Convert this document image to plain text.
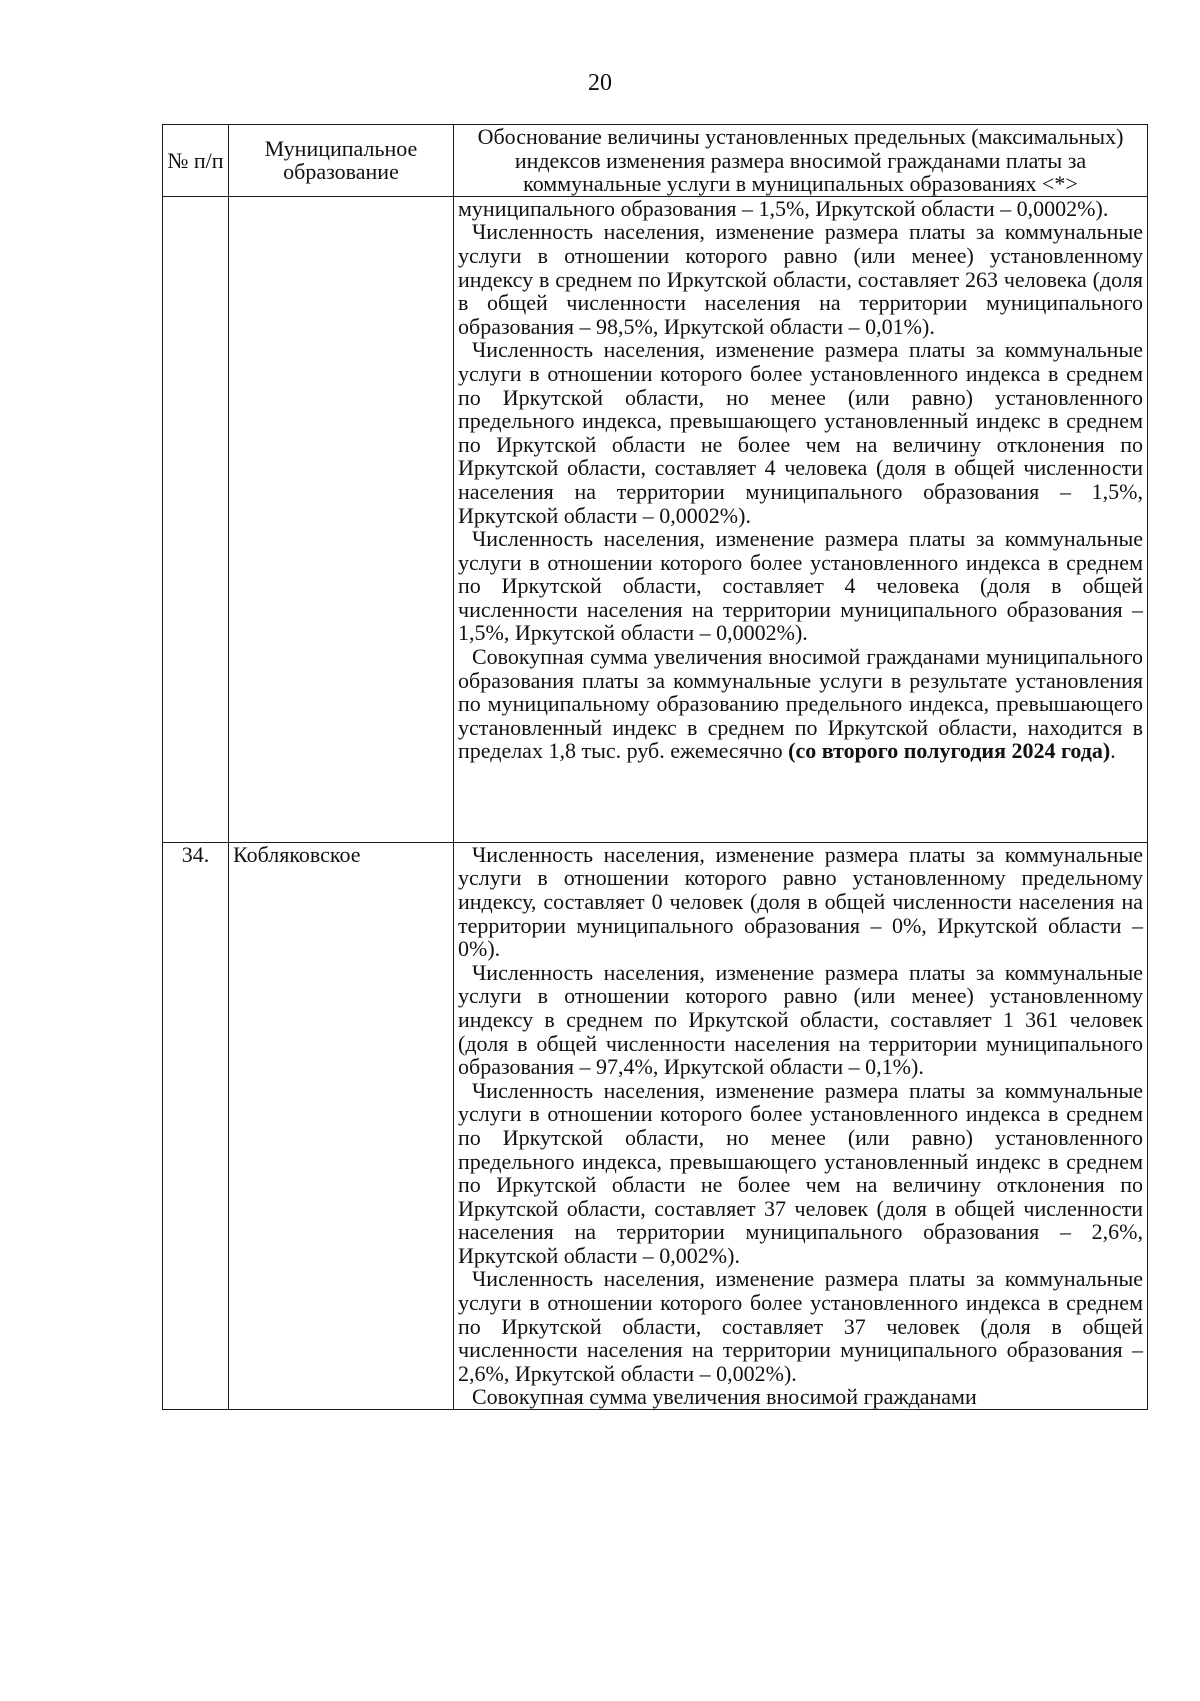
20
№ п/п	Муниципальное образование	Обоснование величины установленных предельных (максимальных) индексов изменения размера вносимой гражданами платы за коммунальные услуги в муниципальных образованиях <*>

		муниципального образования – 1,5%, Иркутской области – 0,0002%).

Численность населения, изменение размера платы за коммунальные услуги в отношении которого равно (или менее) установленному индексу в среднем по Иркутской области, составляет 263 человека (доля в общей численности населения на территории муниципального образования – 98,5%, Иркутской области – 0,01%).

Численность населения, изменение размера платы за коммунальные услуги в отношении которого более установленного индекса в среднем по Иркутской области, но менее (или равно) установленного предельного индекса, превышающего установленный индекс в среднем по Иркутской области не более чем на величину отклонения по Иркутской области, составляет 4 человека (доля в общей численности населения на территории муниципального образования – 1,5%, Иркутской области – 0,0002%).

Численность населения, изменение размера платы за коммунальные услуги в отношении которого более установленного индекса в среднем по Иркутской области, составляет 4 человека (доля в общей численности населения на территории муниципального образования – 1,5%, Иркутской области – 0,0002%).

Совокупная сумма увеличения вносимой гражданами муниципального образования платы за коммунальные услуги в результате установления по муниципальному образованию предельного индекса, превышающего установленный индекс в среднем по Иркутской области, находится в пределах 1,8 тыс. руб. ежемесячно (со второго полугодия 2024 года).

34.	Кобляковское	Численность населения, изменение размера платы за коммунальные услуги в отношении которого равно установленному предельному индексу, составляет 0 человек (доля в общей численности населения на территории муниципального образования – 0%, Иркутской области – 0%).

Численность населения, изменение размера платы за коммунальные услуги в отношении которого равно (или менее) установленному индексу в среднем по Иркутской области, составляет 1 361 человек (доля в общей численности населения на территории муниципального образования – 97,4%, Иркутской области – 0,1%).

Численность населения, изменение размера платы за коммунальные услуги в отношении которого более установленного индекса в среднем по Иркутской области, но менее (или равно) установленного предельного индекса, превышающего установленный индекс в среднем по Иркутской области не более чем на величину отклонения по Иркутской области, составляет 37 человек (доля в общей численности населения на территории муниципального образования – 2,6%, Иркутской области – 0,002%).

Численность населения, изменение размера платы за коммунальные услуги в отношении которого более установленного индекса в среднем по Иркутской области, составляет 37 человек (доля в общей численности населения на территории муниципального образования – 2,6%, Иркутской области – 0,002%).

Совокупная сумма увеличения вносимой гражданами
